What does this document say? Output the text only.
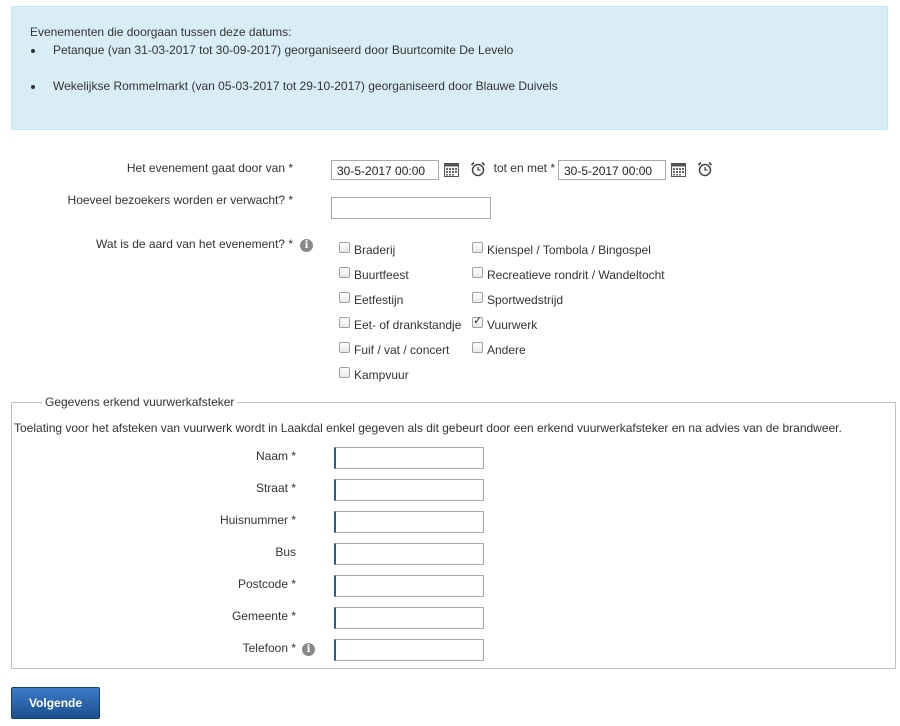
Evenementen die doorgaan tussen deze datums:
Petanque (van 31-03-2017 tot 30-09-2017) georganiseerd door Buurtcomite De Levelo
Wekelijkse Rommelmarkt (van 05-03-2017 tot 29-10-2017) georganiseerd door Blauwe Duivels
Het evenement gaat door van *	30-5-2017 00:00	tot en met * 30-5-2017 00:00
Hoeveel bezoekers worden er verwacht? *
Wat is de aard van het evenement? *	i	Braderij
Buurtfeest
Eetfestijn
Eet- of drankstandje
Fuif / vat / concert
Kampvuur
Kienspel / Tombola / Bingospel
Recreatieve rondrit / Wandeltocht
Sportwedstrijd
✓
Vuurwerk
Andere
Gegevens erkend vuurwerkafsteker
Toelating voor het afsteken van vuurwerk wordt in Laakdal enkel gegeven als dit gebeurt door een erkend vuurwerkafsteker en na advies van de brandweer.
Naam *
Straat *
Huisnummer *
Bus
Postcode *
Gemeente *
Telefoon *	i
Volgende
